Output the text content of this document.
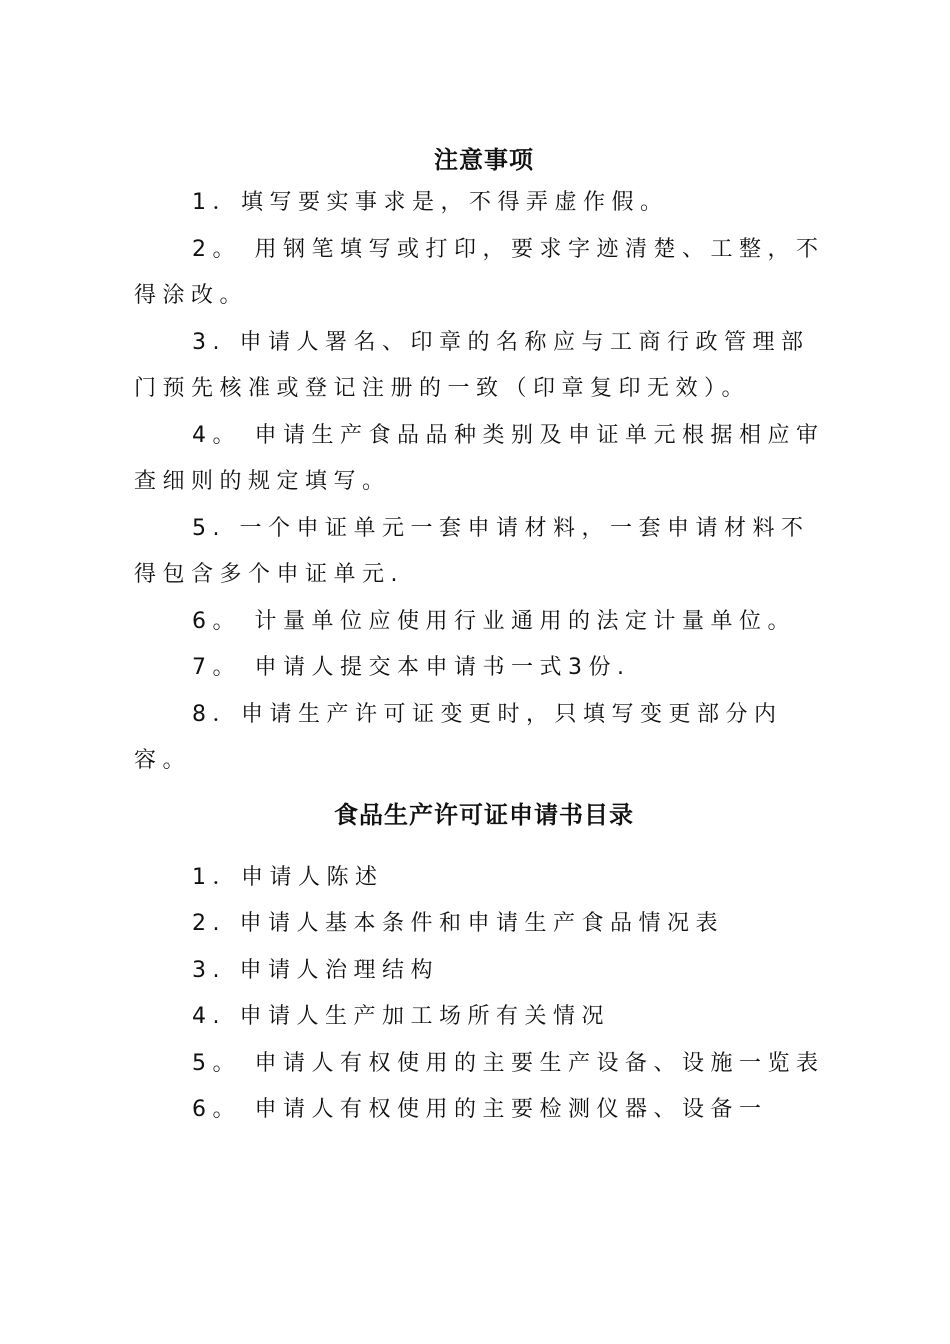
注意事项

1．填写要实事求是，不得弄虚作假。

2。 用钢笔填写或打印，要求字迹清楚、工整，不得涂改。

3. 申请人署名、印章的名称应与工商行政管理部门预先核准或登记注册的一致（印章复印无效）。

4。 申请生产食品品种类别及申证单元根据相应审查细则的规定填写。

5. 一个申证单元一套申请材料，一套申请材料不得包含多个申证单元.

6。 计量单位应使用行业通用的法定计量单位。

7。 申请人提交本申请书一式3份.

8．申请生产许可证变更时，只填写变更部分内容。

食品生产许可证申请书目录

1．申请人陈述

2. 申请人基本条件和申请生产食品情况表

3. 申请人治理结构

4. 申请人生产加工场所有关情况

5。 申请人有权使用的主要生产设备、设施一览表

6。 申请人有权使用的主要检测仪器、设备一
